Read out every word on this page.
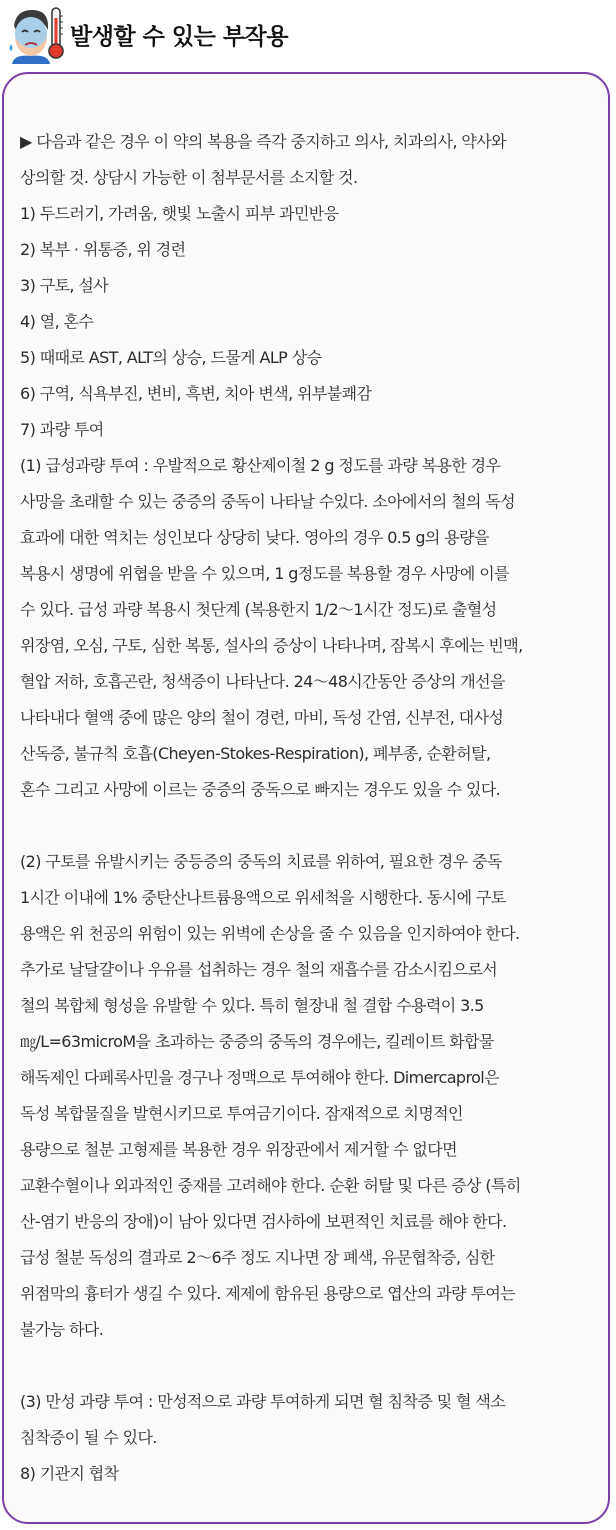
발생할 수 있는 부작용
▶ 다음과 같은 경우 이 약의 복용을 즉각 중지하고 의사, 치과의사, 약사와
상의할 것. 상담시 가능한 이 첨부문서를 소지할 것.
1) 두드러기, 가려움, 햇빛 노출시 피부 과민반응
2) 복부 · 위통증, 위 경련
3) 구토, 설사
4) 열, 혼수
5) 때때로 AST, ALT의 상승, 드물게 ALP 상승
6) 구역, 식욕부진, 변비, 흑변, 치아 변색, 위부불쾌감
7) 과량 투여
(1) 급성과량 투여 : 우발적으로 황산제이철 2 g 정도를 과량 복용한 경우
사망을 초래할 수 있는 중증의 중독이 나타날 수있다. 소아에서의 철의 독성
효과에 대한 역치는 성인보다 상당히 낮다. 영아의 경우 0.5 g의 용량을
복용시 생명에 위협을 받을 수 있으며, 1 g정도를 복용할 경우 사망에 이를
수 있다. 급성 과량 복용시 첫단계 (복용한지 1/2～1시간 정도)로 출혈성
위장염, 오심, 구토, 심한 복통, 설사의 증상이 나타나며, 잠복시 후에는 빈맥,
혈압 저하, 호흡곤란, 청색증이 나타난다. 24～48시간동안 증상의 개선을
나타내다 혈액 중에 많은 양의 철이 경련, 마비, 독성 간염, 신부전, 대사성
산독증, 불규칙 호흡(Cheyen-Stokes-Respiration), 폐부종, 순환허탈,
혼수 그리고 사망에 이르는 중증의 중독으로 빠지는 경우도 있을 수 있다.
(2) 구토를 유발시키는 중등증의 중독의 치료를 위하여, 필요한 경우 중독
1시간 이내에 1% 중탄산나트륨용액으로 위세척을 시행한다. 동시에 구토
용액은 위 천공의 위험이 있는 위벽에 손상을 줄 수 있음을 인지하여야 한다.
추가로 날달걀이나 우유를 섭취하는 경우 철의 재흡수를 감소시킴으로서
철의 복합체 형성을 유발할 수 있다. 특히 혈장내 철 결합 수용력이 3.5
㎎/L=63microM을 초과하는 중증의 중독의 경우에는, 킬레이트 화합물
해독제인 다페록사민을 경구나 정맥으로 투여해야 한다. Dimercaprol은
독성 복합물질을 발현시키므로 투여금기이다. 잠재적으로 치명적인
용량으로 철분 고형제를 복용한 경우 위장관에서 제거할 수 없다면
교환수혈이나 외과적인 중재를 고려해야 한다. 순환 허탈 및 다른 증상 (특히
산-염기 반응의 장애)이 남아 있다면 검사하에 보편적인 치료를 해야 한다.
급성 철분 독성의 결과로 2～6주 정도 지나면 장 폐색, 유문협착증, 심한
위점막의 흉터가 생길 수 있다. 제제에 함유된 용량으로 엽산의 과량 투여는
불가능 하다.
(3) 만성 과량 투여 : 만성적으로 과량 투여하게 되면 혈 침착증 및 혈 색소
침착증이 될 수 있다.
8) 기관지 협착
